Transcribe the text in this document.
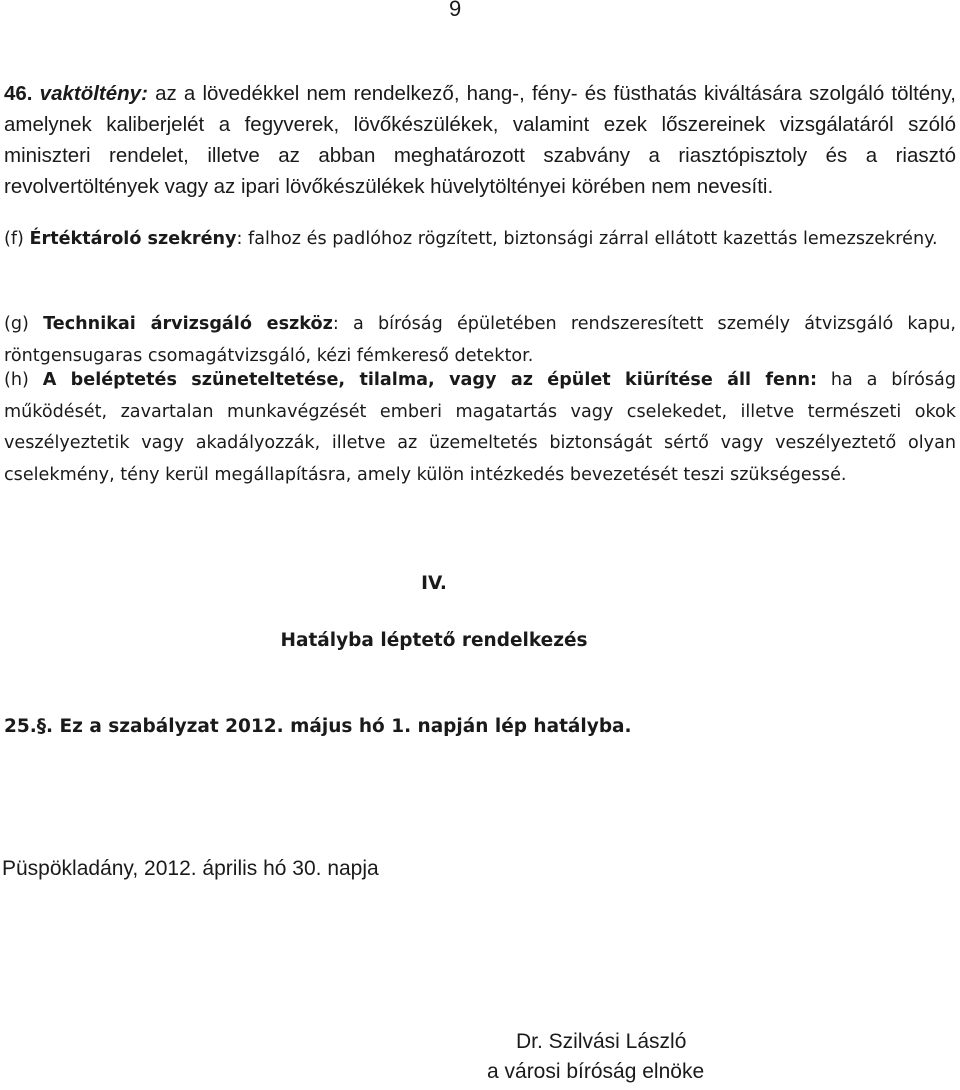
9

46. vaktöltény: az a lövedékkel nem rendelkező, hang-, fény- és füsthatás kiváltására szolgáló töltény, amelynek kaliberjelét a fegyverek, lövőkészülékek, valamint ezek lőszereinek vizsgálatáról szóló miniszteri rendelet, illetve az abban meghatározott szabvány a riasztópisztoly és a riasztó revolvertöltények vagy az ipari lövőkészülékek hüvelytöltényei körében nem nevesíti.

(f) Értéktároló szekrény: falhoz és padlóhoz rögzített, biztonsági zárral ellátott kazettás lemezszekrény.

(g) Technikai árvizsgáló eszköz: a bíróság épületében rendszeresített személy átvizsgáló kapu, röntgensugaras csomagátvizsgáló, kézi fémkereső detektor.

(h) A beléptetés szüneteltetése, tilalma, vagy az épület kiürítése áll fenn: ha a bíróság működését, zavartalan munkavégzését emberi magatartás vagy cselekedet, illetve természeti okok veszélyeztetik vagy akadályozzák, illetve az üzemeltetés biztonságát sértő vagy veszélyeztető olyan cselekmény, tény kerül megállapításra, amely külön intézkedés bevezetését teszi szükségessé.

IV.

Hatályba léptető rendelkezés

25.§. Ez a szabályzat 2012. május hó 1. napján lép hatályba.

Püspökladány, 2012. április hó 30. napja

Dr. Szilvási László

a városi bíróság elnöke
